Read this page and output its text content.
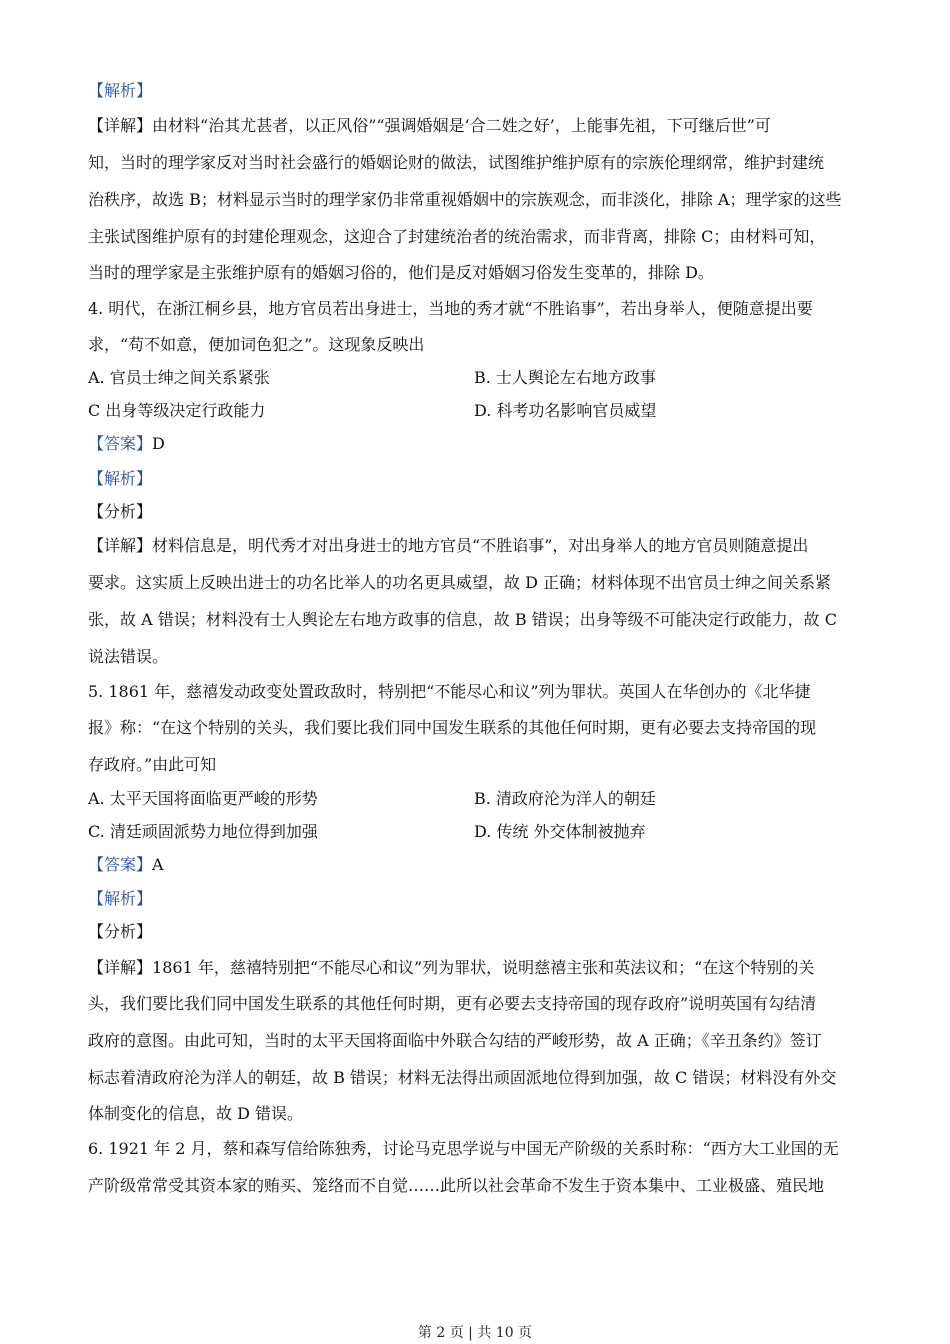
【解析】
【详解】由材料“治其尤甚者，以正风俗”“强调婚姻是‘合二姓之好’，上能事先祖，下可继后世”可
知，当时的理学家反对当时社会盛行的婚姻论财的做法，试图维护维护原有的宗族伦理纲常，维护封建统
治秩序，故选 B；材料显示当时的理学家仍非常重视婚姻中的宗族观念，而非淡化，排除 A；理学家的这些
主张试图维护原有的封建伦理观念，这迎合了封建统治者的统治需求，而非背离，排除 C；由材料可知，
当时的理学家是主张维护原有的婚姻习俗的，他们是反对婚姻习俗发生变革的，排除 D。
4. 明代，在浙江桐乡县，地方官员若出身进士，当地的秀才就“不胜谄事”，若出身举人，便随意提出要
求，“苟不如意，便加词色犯之”。这现象反映出
A. 官员士绅之间关系紧张	B. 士人舆论左右地方政事
C 出身等级决定行政能力	D. 科考功名影响官员威望
【答案】D
【解析】
【分析】
【详解】材料信息是，明代秀才对出身进士的地方官员“不胜谄事”，对出身举人的地方官员则随意提出
要求。这实质上反映出进士的功名比举人的功名更具威望，故 D 正确；材料体现不出官员士绅之间关系紧
张，故 A 错误；材料没有士人舆论左右地方政事的信息，故 B 错误；出身等级不可能决定行政能力，故 C
说法错误。
5. 1861 年，慈禧发动政变处置政敌时，特别把“不能尽心和议”列为罪状。英国人在华创办的《北华捷
报》称：“在这个特别的关头，我们要比我们同中国发生联系的其他任何时期，更有必要去支持帝国的现
存政府。”由此可知
A. 太平天国将面临更严峻的形势	B. 清政府沦为洋人的朝廷
C. 清廷顽固派势力地位得到加强	D. 传统 外交体制被抛弃
【答案】A
【解析】
【分析】
【详解】1861 年，慈禧特别把“不能尽心和议”列为罪状，说明慈禧主张和英法议和；“在这个特别的关
头，我们要比我们同中国发生联系的其他任何时期，更有必要去支持帝国的现存政府”说明英国有勾结清
政府的意图。由此可知，当时的太平天国将面临中外联合勾结的严峻形势，故 A 正确；《辛丑条约》签订
标志着清政府沦为洋人的朝廷，故 B 错误；材料无法得出顽固派地位得到加强，故 C 错误；材料没有外交
体制变化的信息，故 D 错误。
6. 1921 年 2 月，蔡和森写信给陈独秀，讨论马克思学说与中国无产阶级的关系时称：“西方大工业国的无
产阶级常常受其资本家的贿买、笼络而不自觉……此所以社会革命不发生于资本集中、工业极盛、殖民地
第 2 页 | 共 10 页
